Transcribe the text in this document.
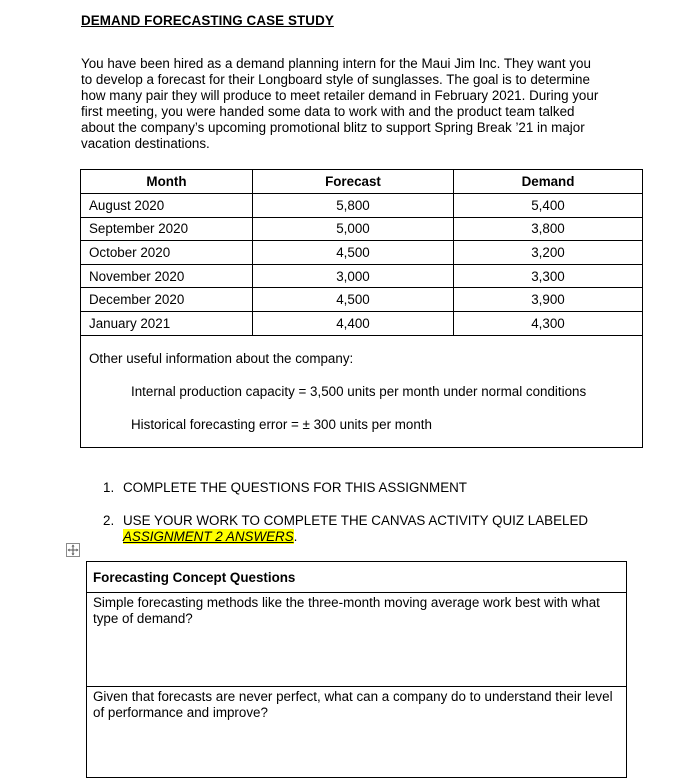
DEMAND FORECASTING CASE STUDY

You have been hired as a demand planning intern for the Maui Jim Inc. They want you

to develop a forecast for their Longboard style of sunglasses. The goal is to determine

how many pair they will produce to meet retailer demand in February 2021. During your

first meeting, you were handed some data to work with and the product team talked

about the company’s upcoming promotional blitz to support Spring Break ’21 in major

vacation destinations.

Month	Forecast	Demand
August 2020	5,800	5,400
September 2020	5,000	3,800
October 2020	4,500	3,200
November 2020	3,000	3,300
December 2020	4,500	3,900
January 2021	4,400	4,300
Other useful information about the company:
Internal production capacity = 3,500 units per month under normal conditions
Historical forecasting error = ± 300 units per month
1. COMPLETE THE QUESTIONS FOR THIS ASSIGNMENT
2. USE YOUR WORK TO COMPLETE THE CANVAS ACTIVITY QUIZ LABELED
ASSIGNMENT 2 ANSWERS.
Forecasting Concept Questions
Simple forecasting methods like the three-month moving average work best with what type of demand?
Given that forecasts are never perfect, what can a company do to understand their level of performance and improve?
